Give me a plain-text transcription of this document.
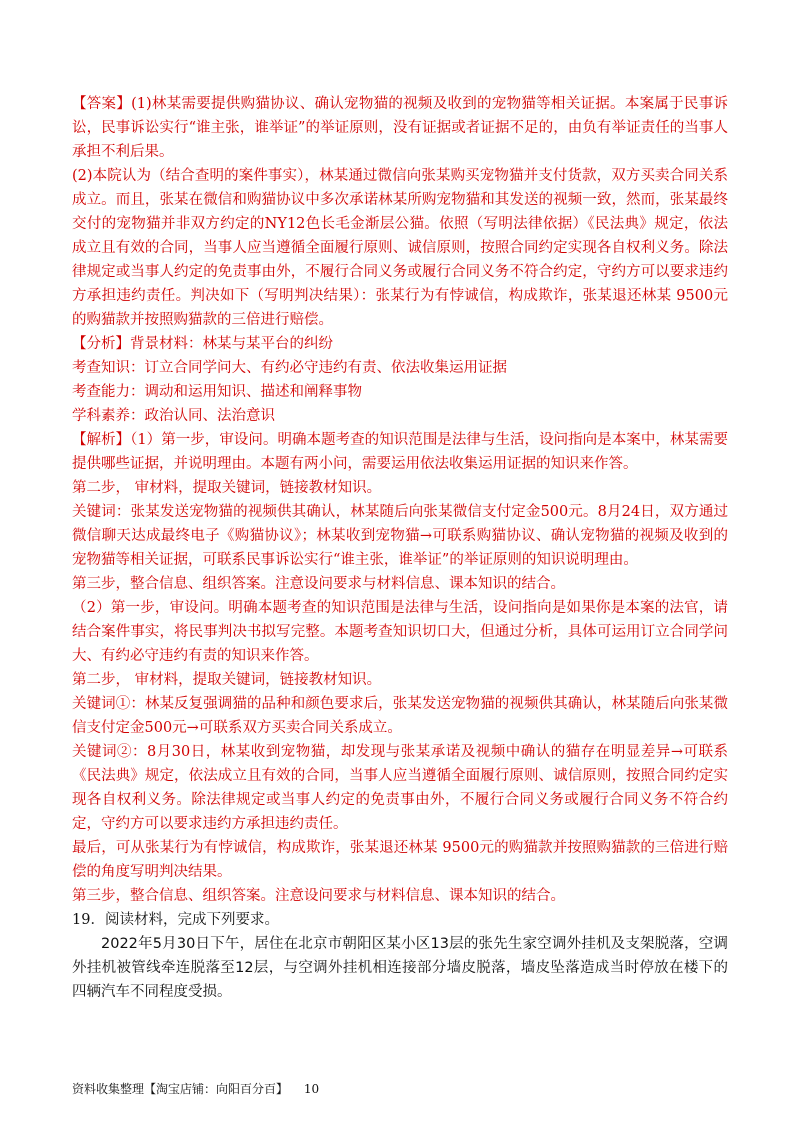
【答案】(1)林某需要提供购猫协议、确认宠物猫的视频及收到的宠物猫等相关证据。本案属于民事诉讼，民事诉讼实行“谁主张，谁举证”的举证原则，没有证据或者证据不足的，由负有举证责任的当事人承担不利后果。

(2)本院认为（结合查明的案件事实），林某通过微信向张某购买宠物猫并支付货款，双方买卖合同关系成立。而且，张某在微信和购猫协议中多次承诺林某所购宠物猫和其发送的视频一致，然而，张某最终交付的宠物猫并非双方约定的NY12色长毛金渐层公猫。依照（写明法律依据）《民法典》规定，依法成立且有效的合同，当事人应当遵循全面履行原则、诚信原则，按照合同约定实现各自权利义务。除法律规定或当事人约定的免责事由外，不履行合同义务或履行合同义务不符合约定，守约方可以要求违约方承担违约责任。判决如下（写明判决结果）：张某行为有悖诚信，构成欺诈，张某退还林某 9500元的购猫款并按照购猫款的三倍进行赔偿。

【分析】背景材料：林某与某平台的纠纷

考查知识：订立合同学问大、有约必守违约有责、依法收集运用证据

考查能力：调动和运用知识、描述和阐释事物

学科素养：政治认同、法治意识

【解析】（1）第一步，审设问。明确本题考查的知识范围是法律与生活，设问指向是本案中，林某需要提供哪些证据，并说明理由。本题有两小问，需要运用依法收集运用证据的知识来作答。

第二步， 审材料，提取关键词，链接教材知识。

关键词：张某发送宠物猫的视频供其确认，林某随后向张某微信支付定金500元。8月24日，双方通过微信聊天达成最终电子《购猫协议》；林某收到宠物猫→可联系购猫协议、确认宠物猫的视频及收到的宠物猫等相关证据，可联系民事诉讼实行“谁主张，谁举证”的举证原则的知识说明理由。

第三步，整合信息、组织答案。注意设问要求与材料信息、课本知识的结合。

（2）第一步，审设问。明确本题考查的知识范围是法律与生活，设问指向是如果你是本案的法官，请结合案件事实，将民事判决书拟写完整。本题考查知识切口大，但通过分析，具体可运用订立合同学问大、有约必守违约有责的知识来作答。

第二步， 审材料，提取关键词，链接教材知识。

关键词①：林某反复强调猫的品种和颜色要求后，张某发送宠物猫的视频供其确认，林某随后向张某微信支付定金500元→可联系双方买卖合同关系成立。

关键词②：8月30日，林某收到宠物猫，却发现与张某承诺及视频中确认的猫存在明显差异→可联系《民法典》规定，依法成立且有效的合同，当事人应当遵循全面履行原则、诚信原则，按照合同约定实现各自权利义务。除法律规定或当事人约定的免责事由外，不履行合同义务或履行合同义务不符合约定，守约方可以要求违约方承担违约责任。

最后，可从张某行为有悖诚信，构成欺诈，张某退还林某 9500元的购猫款并按照购猫款的三倍进行赔偿的角度写明判决结果。

第三步，整合信息、组织答案。注意设问要求与材料信息、课本知识的结合。

19．阅读材料，完成下列要求。

2022年5月30日下午，居住在北京市朝阳区某小区13层的张先生家空调外挂机及支架脱落，空调外挂机被管线牵连脱落至12层，与空调外挂机相连接部分墙皮脱落，墙皮坠落造成当时停放在楼下的四辆汽车不同程度受损。

资料收集整理【淘宝店铺：向阳百分百】 10
